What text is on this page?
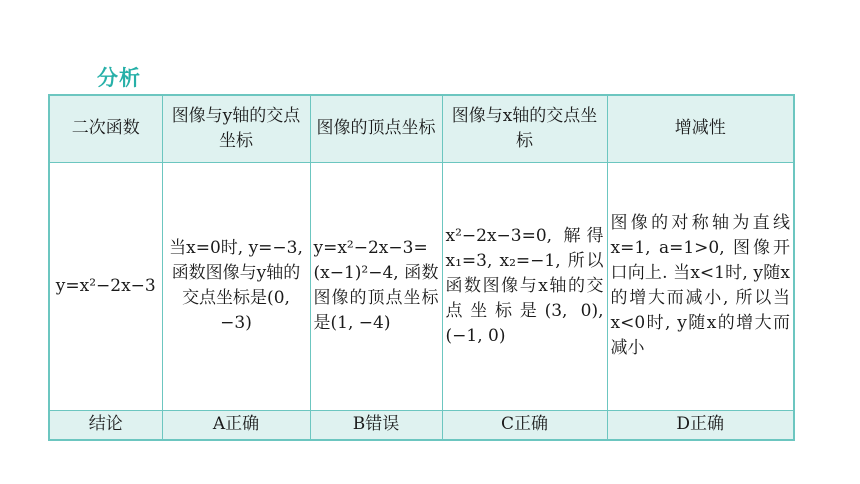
分析
二次函数	图像与y轴的交点坐标	图像的顶点坐标	图像与x轴的交点坐标	增减性
y=x²−2x−3	当x=0时, y=−3, 函数图像与y轴的交点坐标是(0, −3)	y=x²−2x−3=(x−1)²−4, 函数图像的顶点坐标是(1, −4)	x²−2x−3=0, 解得x₁=3, x₂=−1, 所以函数图像与x轴的交点坐标是(3, 0), (−1, 0)	图像的对称轴为直线x=1, a=1>0, 图像开口向上. 当x<1时, y随x的增大而减小, 所以当x<0时, y随x的增大而减小
结论	A正确	B错误	C正确	D正确
